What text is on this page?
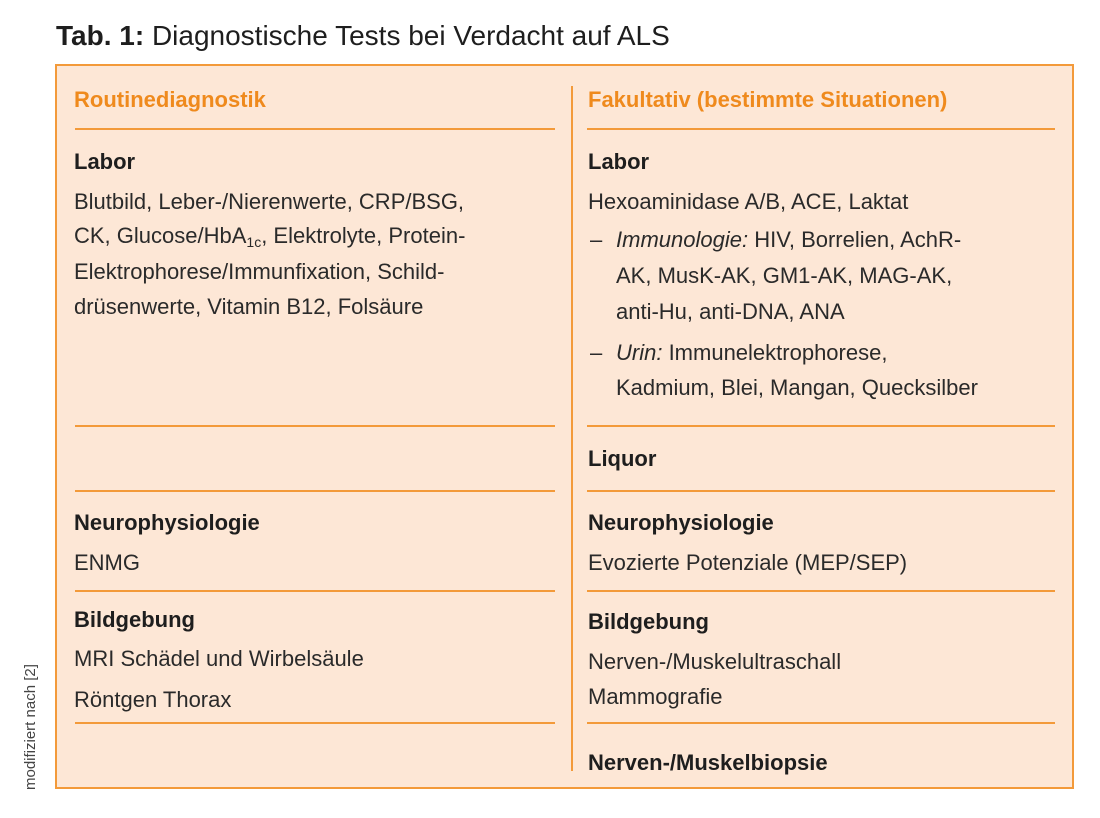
Tab. 1: Diagnostische Tests bei Verdacht auf ALS
modifiziert nach [2]
Routinediagnostik	Fakultativ (bestimmte Situationen)
Labor
Blutbild, Leber-/Nierenwerte, CRP/BSG,
CK, Glucose/HbA1c, Elektrolyte, Protein-
Elektrophorese/Immunfixation, Schild-
drüsenwerte, Vitamin B12, Folsäure
Labor
Hexoaminidase A/B, ACE, Laktat
– Immunologie: HIV, Borrelien, AchR-
AK, MusK-AK, GM1-AK, MAG-AK,
anti-Hu, anti-DNA, ANA
– Urin: Immunelektrophorese,
Kadmium, Blei, Mangan, Quecksilber
Liquor
Neurophysiologie
ENMG
Neurophysiologie
Evozierte Potenziale (MEP/SEP)
Bildgebung
MRI Schädel und Wirbelsäule
Röntgen Thorax
Bildgebung
Nerven-/Muskelultraschall
Mammografie
Nerven-/Muskelbiopsie
